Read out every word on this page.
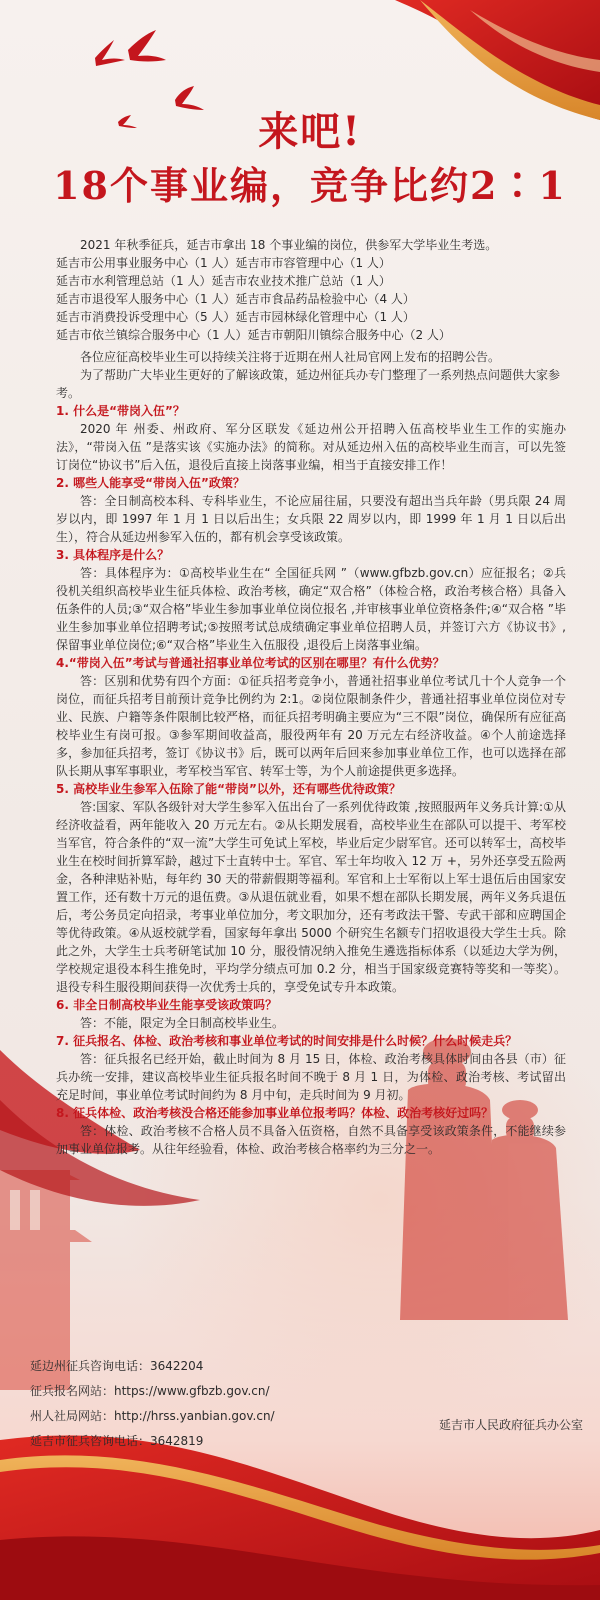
来吧!
18个事业编，竞争比约2∶1

2021 年秋季征兵，延吉市拿出 18 个事业编的岗位，供参军大学毕业生考选。

延吉市公用事业服务中心（1 人）延吉市市容管理中心（1 人）

延吉市水利管理总站（1 人）延吉市农业技术推广总站（1 人）

延吉市退役军人服务中心（1 人）延吉市食品药品检验中心（4 人）

延吉市消费投诉受理中心（5 人）延吉市园林绿化管理中心（1 人）

延吉市依兰镇综合服务中心（1 人）延吉市朝阳川镇综合服务中心（2 人）

各位应征高校毕业生可以持续关注将于近期在州人社局官网上发布的招聘公告。

为了帮助广大毕业生更好的了解该政策，延边州征兵办专门整理了一系列热点问题供大家参考。

1. 什么是“带岗入伍”？

2020 年 州委、州政府、军分区联发《延边州公开招聘入伍高校毕业生工作的实施办法》，“带岗入伍 ”是落实该《实施办法》的简称。对从延边州入伍的高校毕业生而言，可以先签订岗位“协议书”后入伍，退役后直接上岗落事业编，相当于直接安排工作！

2. 哪些人能享受“带岗入伍”政策？

答：全日制高校本科、专科毕业生，不论应届往届，只要没有超出当兵年龄（男兵限 24 周岁以内，即 1997 年 1 月 1 日以后出生；女兵限 22 周岁以内，即 1999 年 1 月 1 日以后出生），符合从延边州参军入伍的，都有机会享受该政策。

3. 具体程序是什么？

答：具体程序为：①高校毕业生在“ 全国征兵网 ”（www.gfbzb.gov.cn）应征报名；②兵役机关组织高校毕业生征兵体检、政治考核，确定“双合格”（体检合格，政治考核合格）具备入伍条件的人员;③“双合格”毕业生参加事业单位岗位报名 ,并审核事业单位资格条件;④“双合格 ”毕业生参加事业单位招聘考试;⑤按照考试总成绩确定事业单位招聘人员，并签订六方《协议书》,保留事业单位岗位;⑥“双合格”毕业生入伍服役 ,退役后上岗落事业编。

4.“带岗入伍”考试与普通社招事业单位考试的区别在哪里？有什么优势？

答：区别和优势有四个方面：①征兵招考竞争小，普通社招事业单位考试几十个人竞争一个岗位，而征兵招考目前预计竞争比例约为 2:1。②岗位限制条件少，普通社招事业单位岗位对专业、民族、户籍等条件限制比较严格，而征兵招考明确主要应为“三不限”岗位，确保所有应征高校毕业生有岗可报。③参军期间收益高，服役两年有 20 万元左右经济收益。④个人前途选择多，参加征兵招考，签订《协议书》后，既可以两年后回来参加事业单位工作，也可以选择在部队长期从事军事职业，考军校当军官、转军士等，为个人前途提供更多选择。

5. 高校毕业生参军入伍除了能“带岗”以外，还有哪些优待政策？

答:国家、军队各级针对大学生参军入伍出台了一系列优待政策 ,按照服两年义务兵计算:①从经济收益看，两年能收入 20 万元左右。②从长期发展看，高校毕业生在部队可以提干、考军校当军官，符合条件的“双一流”大学生可免试上军校，毕业后定少尉军官。还可以转军士，高校毕业生在校时间折算军龄，越过下士直转中士。军官、军士年均收入 12 万 +，另外还享受五险两金，各种津贴补贴，每年约 30 天的带薪假期等福利。军官和上士军衔以上军士退伍后由国家安置工作，还有数十万元的退伍费。③从退伍就业看，如果不想在部队长期发展，两年义务兵退伍后，考公务员定向招录，考事业单位加分，考文职加分，还有考政法干警、专武干部和应聘国企等优待政策。④从返校就学看，国家每年拿出 5000 个研究生名额专门招收退役大学生士兵。除此之外，大学生士兵考研笔试加 10 分，服役情况纳入推免生遴选指标体系（以延边大学为例，学校规定退役本科生推免时，平均学分绩点可加 0.2 分，相当于国家级竞赛特等奖和一等奖）。退役专科生服役期间获得一次优秀士兵的，享受免试专升本政策。

6. 非全日制高校毕业生能享受该政策吗？

答：不能，限定为全日制高校毕业生。

7. 征兵报名、体检、政治考核和事业单位考试的时间安排是什么时候？什么时候走兵？

答：征兵报名已经开始，截止时间为 8 月 15 日，体检、政治考核具体时间由各县（市）征兵办统一安排，建议高校毕业生征兵报名时间不晚于 8 月 1 日，为体检、政治考核、考试留出充足时间，事业单位考试时间约为 8 月中旬，走兵时间为 9 月初。

8. 征兵体检、政治考核没合格还能参加事业单位报考吗？体检、政治考核好过吗？

答：体检、政治考核不合格人员不具备入伍资格，自然不具备享受该政策条件，不能继续参加事业单位报考。从往年经验看，体检、政治考核合格率约为三分之一。

延边州征兵咨询电话：3642204

征兵报名网站：https://www.gfbzb.gov.cn/

州人社局网站：http://hrss.yanbian.gov.cn/

延吉市征兵咨询电话：3642819

延吉市人民政府征兵办公室
